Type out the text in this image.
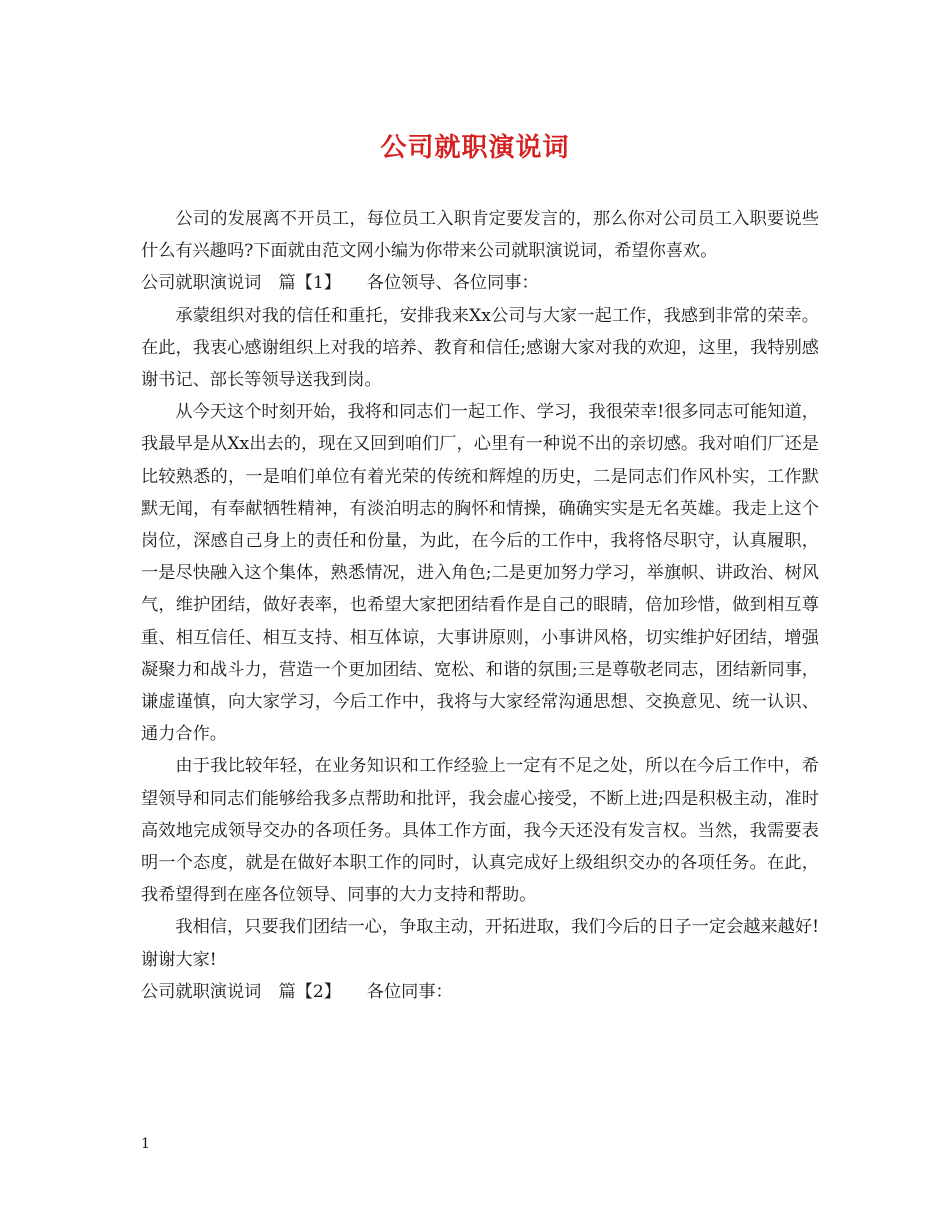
公司就职演说词

公司的发展离不开员工，每位员工入职肯定要发言的，那么你对公司员工入职要说些什么有兴趣吗?下面就由范文网小编为你带来公司就职演说词，希望你喜欢。

公司就职演说词　篇【1】　　各位领导、各位同事：

承蒙组织对我的信任和重托，安排我来Xx公司与大家一起工作，我感到非常的荣幸。在此，我衷心感谢组织上对我的培养、教育和信任;感谢大家对我的欢迎，这里，我特别感谢书记、部长等领导送我到岗。

从今天这个时刻开始，我将和同志们一起工作、学习，我很荣幸!很多同志可能知道，我最早是从Xx出去的，现在又回到咱们厂，心里有一种说不出的亲切感。我对咱们厂还是比较熟悉的，一是咱们单位有着光荣的传统和辉煌的历史，二是同志们作风朴实，工作默默无闻，有奉献牺牲精神，有淡泊明志的胸怀和情操，确确实实是无名英雄。我走上这个岗位，深感自己身上的责任和份量，为此，在今后的工作中，我将恪尽职守，认真履职，一是尽快融入这个集体，熟悉情况，进入角色;二是更加努力学习，举旗帜、讲政治、树风气，维护团结，做好表率，也希望大家把团结看作是自己的眼睛，倍加珍惜，做到相互尊重、相互信任、相互支持、相互体谅，大事讲原则，小事讲风格，切实维护好团结，增强凝聚力和战斗力，营造一个更加团结、宽松、和谐的氛围;三是尊敬老同志，团结新同事，谦虚谨慎，向大家学习，今后工作中，我将与大家经常沟通思想、交换意见、统一认识、通力合作。

由于我比较年轻，在业务知识和工作经验上一定有不足之处，所以在今后工作中，希望领导和同志们能够给我多点帮助和批评，我会虚心接受，不断上进;四是积极主动，准时高效地完成领导交办的各项任务。具体工作方面，我今天还没有发言权。当然，我需要表明一个态度，就是在做好本职工作的同时，认真完成好上级组织交办的各项任务。在此，我希望得到在座各位领导、同事的大力支持和帮助。

我相信，只要我们团结一心，争取主动，开拓进取，我们今后的日子一定会越来越好!谢谢大家!

公司就职演说词　篇【2】　　各位同事：

1
